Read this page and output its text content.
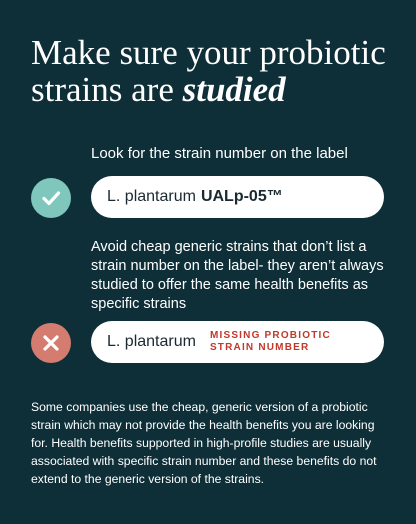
Make sure your probiotic
strains are studied

Look for the strain number on the label

L. plantarum UALp-05™

Avoid cheap generic strains that don’t list a strain number on the label- they aren’t always studied to offer the same health benefits as specific strains

L. plantarum MISSING PROBIOTIC
STRAIN NUMBER

Some companies use the cheap, generic version of a probiotic strain which may not provide the health benefits you are looking for. Health benefits supported in high-profile studies are usually associated with specific strain number and these benefits do not extend to the generic version of the strains.
